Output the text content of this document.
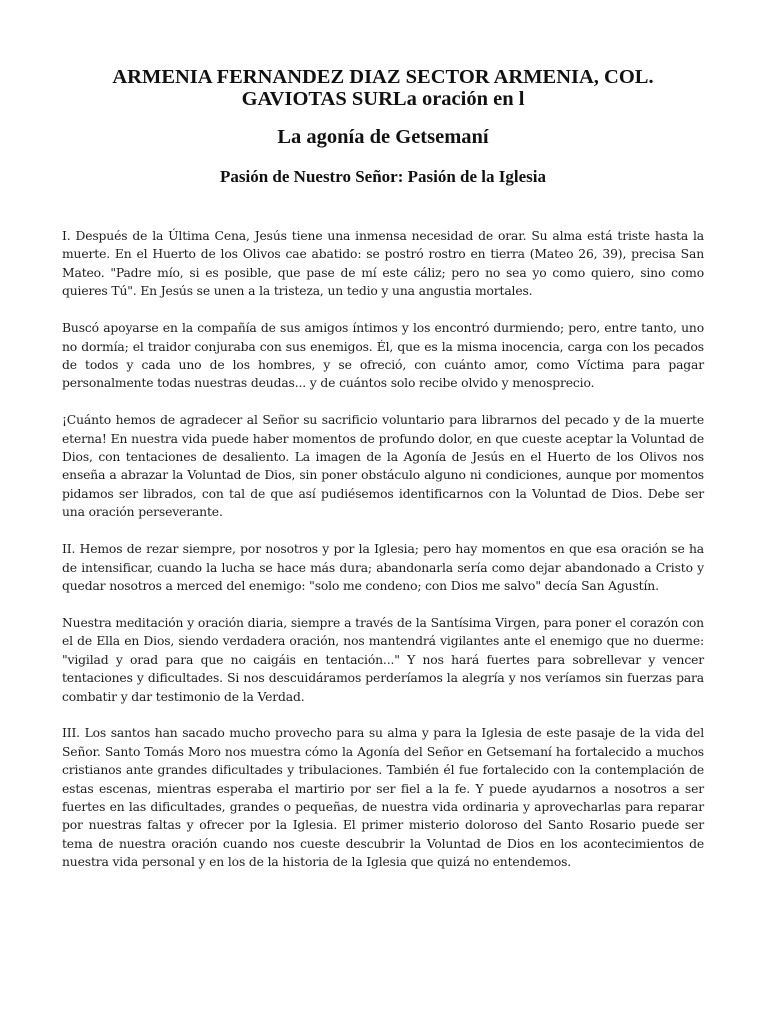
ARMENIA FERNANDEZ DIAZ SECTOR ARMENIA, COL. GAVIOTAS SURLa oración en l
La agonía de Getsemaní
Pasión de Nuestro Señor: Pasión de la Iglesia

I. Después de la Última Cena, Jesús tiene una inmensa necesidad de orar. Su alma está triste hasta la muerte. En el Huerto de los Olivos cae abatido: se postró rostro en tierra (Mateo 26, 39), precisa San Mateo. "Padre mío, si es posible, que pase de mí este cáliz; pero no sea yo como quiero, sino como quieres Tú". En Jesús se unen a la tristeza, un tedio y una angustia mortales.

Buscó apoyarse en la compañía de sus amigos íntimos y los encontró durmiendo; pero, entre tanto, uno no dormía; el traidor conjuraba con sus enemigos. Él, que es la misma inocencia, carga con los pecados de todos y cada uno de los hombres, y se ofreció, con cuánto amor, como Víctima para pagar personalmente todas nuestras deudas... y de cuántos solo recibe olvido y menosprecio.

¡Cuánto hemos de agradecer al Señor su sacrificio voluntario para librarnos del pecado y de la muerte eterna! En nuestra vida puede haber momentos de profundo dolor, en que cueste aceptar la Voluntad de Dios, con tentaciones de desaliento. La imagen de la Agonía de Jesús en el Huerto de los Olivos nos enseña a abrazar la Voluntad de Dios, sin poner obstáculo alguno ni condiciones, aunque por momentos pidamos ser librados, con tal de que así pudiésemos identificarnos con la Voluntad de Dios. Debe ser una oración perseverante.

II. Hemos de rezar siempre, por nosotros y por la Iglesia; pero hay momentos en que esa oración se ha de intensificar, cuando la lucha se hace más dura; abandonarla sería como dejar abandonado a Cristo y quedar nosotros a merced del enemigo: "solo me condeno; con Dios me salvo" decía San Agustín.

Nuestra meditación y oración diaria, siempre a través de la Santísima Virgen, para poner el corazón con el de Ella en Dios, siendo verdadera oración, nos mantendrá vigilantes ante el enemigo que no duerme: "vigilad y orad para que no caigáis en tentación..." Y nos hará fuertes para sobrellevar y vencer tentaciones y dificultades. Si nos descuidáramos perderíamos la alegría y nos veríamos sin fuerzas para combatir y dar testimonio de la Verdad.

III. Los santos han sacado mucho provecho para su alma y para la Iglesia de este pasaje de la vida del Señor. Santo Tomás Moro nos muestra cómo la Agonía del Señor en Getsemaní ha fortalecido a muchos cristianos ante grandes dificultades y tribulaciones. También él fue fortalecido con la contemplación de estas escenas, mientras esperaba el martirio por ser fiel a la fe. Y puede ayudarnos a nosotros a ser fuertes en las dificultades, grandes o pequeñas, de nuestra vida ordinaria y aprovecharlas para reparar por nuestras faltas y ofrecer por la Iglesia. El primer misterio doloroso del Santo Rosario puede ser tema de nuestra oración cuando nos cueste descubrir la Voluntad de Dios en los acontecimientos de nuestra vida personal y en los de la historia de la Iglesia que quizá no entendemos.
